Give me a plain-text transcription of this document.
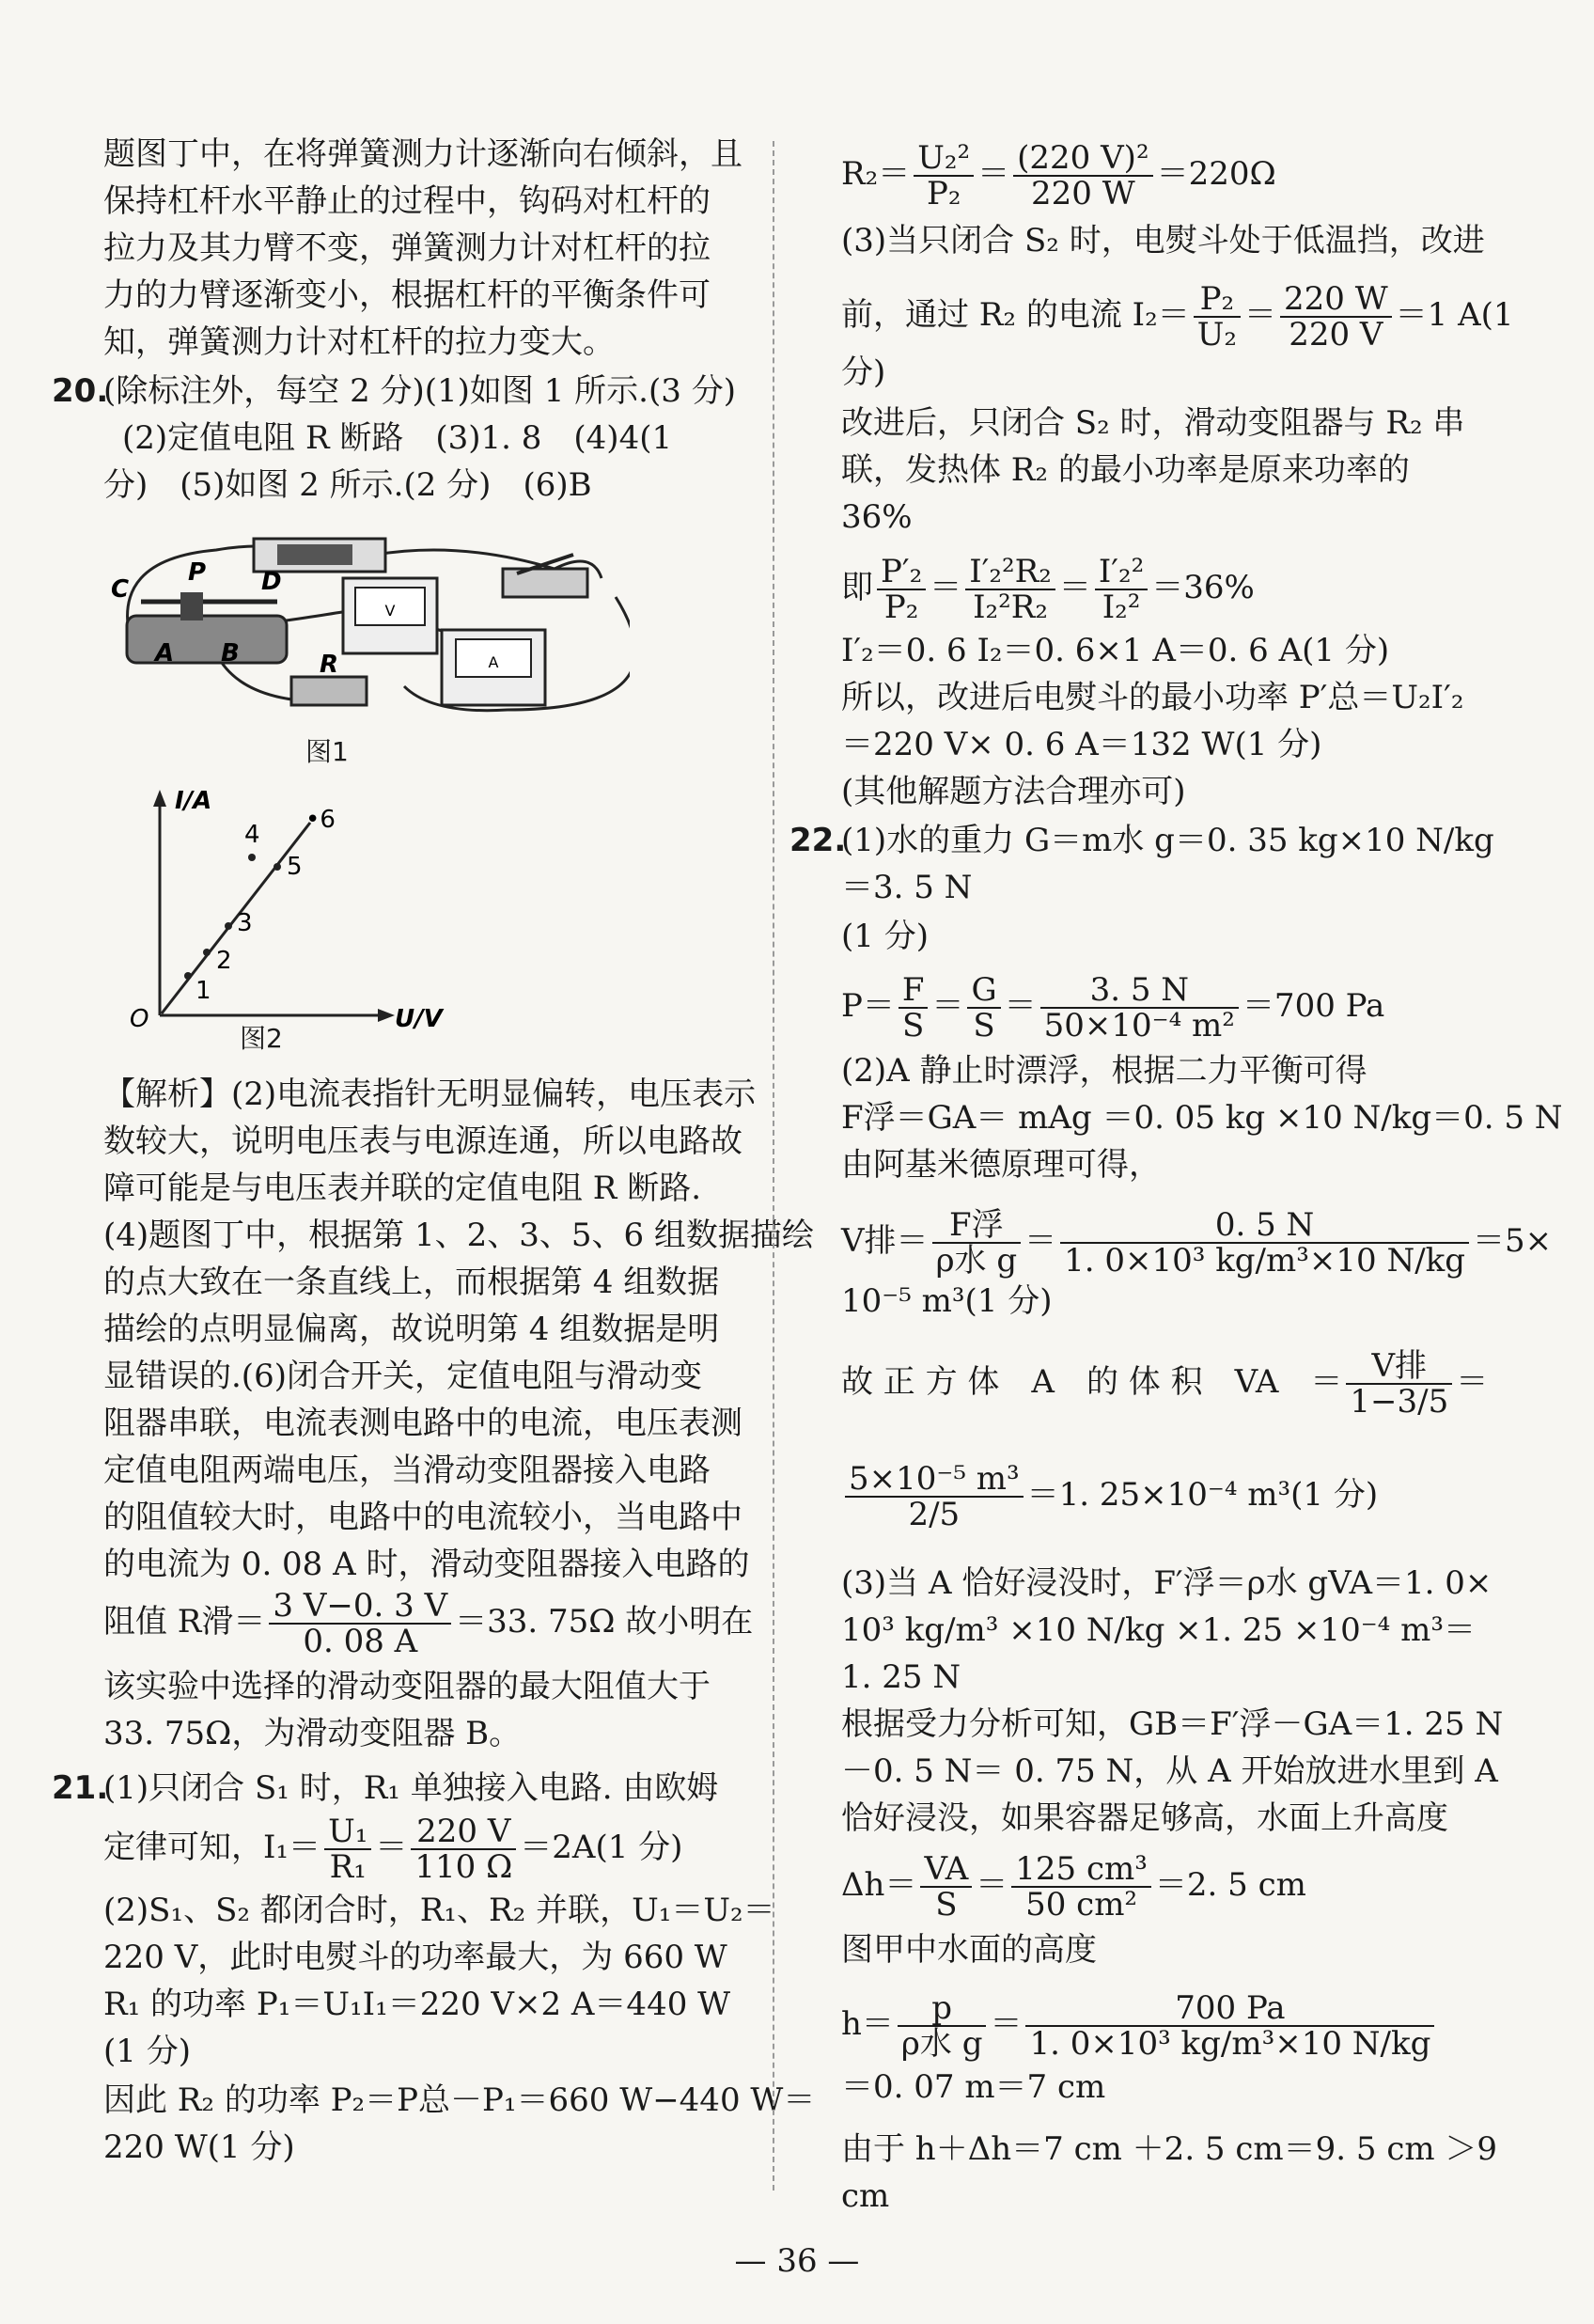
题图丁中，在将弹簧测力计逐渐向右倾斜，且
保持杠杆水平静止的过程中，钩码对杠杆的
拉力及其力臂不变，弹簧测力计对杠杆的拉
力的力臂逐渐变小，根据杠杆的平衡条件可
知，弹簧测力计对杠杆的拉力变大。
20.
(除标注外，每空 2 分)(1)如图 1 所示.(3 分)
(2)定值电阻 R 断路　(3)1. 8　(4)4(1
分)　(5)如图 2 所示.(2 分)　(6)B
V
A
C
P D
A B	R
图1
I/A
U/V
O
1
2
3
4
5
•6
图2
【解析】(2)电流表指针无明显偏转，电压表示
数较大，说明电压表与电源连通，所以电路故
障可能是与电压表并联的定值电阻 R 断路.
(4)题图丁中，根据第 1、2、3、5、6 组数据描绘
的点大致在一条直线上，而根据第 4 组数据
描绘的点明显偏离，故说明第 4 组数据是明
显错误的.(6)闭合开关，定值电阻与滑动变
阻器串联，电流表测电路中的电流，电压表测
定值电阻两端电压，当滑动变阻器接入电路
的阻值较大时，电路中的电流较小，当电路中
的电流为 0. 08 A 时，滑动变阻器接入电路的
阻值 R滑＝ $\frac{3 V-0. 3 V}{0. 08 A} =33$. 75Ω 故小明在
该实验中选择的滑动变阻器的最大阻值大于
33. 75Ω，为滑动变阻器 B。
21.
(1)只闭合 S₁ 时，R₁ 单独接入电路. 由欧姆
定律可知，$I_1= \frac{\text{U₁}}{\text{R₁}} = \frac{220 V}{110 \Omega} =2A(1$ 分)
(2)S₁、S₂ 都闭合时，R₁、R₂ 并联，U₁＝U₂＝
220 V，此时电熨斗的功率最大，为 660 W
R₁ 的功率 P₁＝U₁I₁＝220 V×2 A＝440 W
(1 分)
因此 R₂ 的功率 P₂＝P总－P₁＝660 W−440 W＝
220 W(1 分)
$R_2= \frac{\text{U₂²}}{\text{P₂}} = \frac{\text{(220 V)²}}{220 W} =220\Omega$
(3)当只闭合 S₂ 时，电熨斗处于低温挡，改进
前，通过 R₂ 的电流 $I_2= \frac{\text{P₂}}{\text{U₂}} = \frac{220 W}{220 V} =1$ A(1
分)
改进后，只闭合 S₂ 时，滑动变阻器与 R₂ 串
联，发热体 R₂ 的最小功率是原来功率的
36%
即 $\frac{\text{P′₂}}{\text{P₂}} = \frac{\text{I′₂²R₂}}{\text{I₂²R₂}} = \frac{\text{I′₂²}}{\text{I₂²}} =36\%$
I′₂＝0. 6 I₂＝0. 6×1 A＝0. 6 A(1 分)
所以，改进后电熨斗的最小功率 P′总＝U₂I′₂
＝220 V× 0. 6 A＝132 W(1 分)
(其他解题方法合理亦可)
22.
(1)水的重力 G＝m水 g＝0. 35 kg×10 N/kg
＝3. 5 N
(1 分)
$P= \frac{F}{S} = \frac{G}{S} = \frac{3. 5 N}{\text{50×10⁻⁴ m²}} =700$ Pa
(2)A 静止时漂浮，根据二力平衡可得
F浮＝GA＝ mAg ＝0. 05 kg ×10 N/kg＝0. 5 N
由阿基米德原理可得，
V排＝ $\frac{\text{F浮}}{\text{ρ水 g}} = \frac{0. 5 N}{\text{1. 0×10³ kg/m³×10 N/kg}} =5\times$
10⁻⁵ m³(1 分)
故 正 方 体　A　的 体 积　VA　＝ $\frac{\text{V排}}{1-3/5}$ ＝
$\frac{\text{5×10⁻⁵ m³}}{2/5} =1$. 25×10⁻⁴ m³(1 分)
(3)当 A 恰好浸没时，F′浮＝ρ水 gVA＝1. 0×
10³ kg/m³ ×10 N/kg ×1. 25 ×10⁻⁴ m³＝
1. 25 N
根据受力分析可知，GB＝F′浮－GA＝1. 25 N
－0. 5 N＝ 0. 75 N，从 A 开始放进水里到 A
恰好浸没，如果容器足够高，水面上升高度
$\Delta h= \frac{VA}{S} = \frac{\text{125 cm³}}{\text{50 cm²}} =2$. 5 cm
图甲中水面的高度
$h= \frac{p}{\text{ρ水 g}} = \frac{700 Pa}{\text{1. 0×10³ kg/m³×10 N/kg}}$
＝0. 07 m＝7 cm
由于 h＋Δh＝7 cm ＋2. 5 cm＝9. 5 cm ＞9
cm
— 36 —
